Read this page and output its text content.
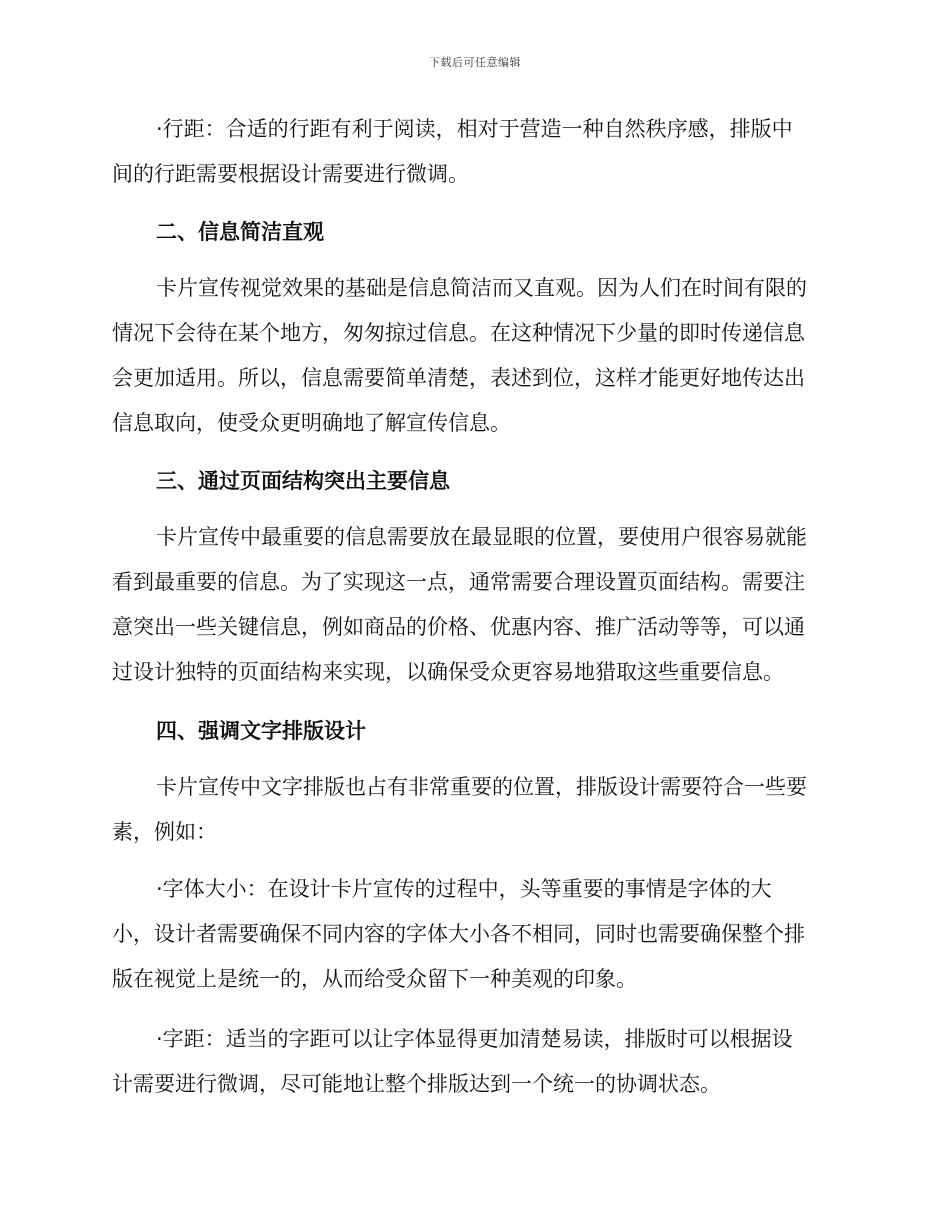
下载后可任意编辑

·行距：合适的行距有利于阅读，相对于营造一种自然秩序感，排版中
间的行距需要根据设计需要进行微调。

二、信息简洁直观

卡片宣传视觉效果的基础是信息简洁而又直观。因为人们在时间有限的
情况下会待在某个地方，匆匆掠过信息。在这种情况下少量的即时传递信息
会更加适用。所以，信息需要简单清楚，表述到位，这样才能更好地传达出
信息取向，使受众更明确地了解宣传信息。

三、通过页面结构突出主要信息

卡片宣传中最重要的信息需要放在最显眼的位置，要使用户很容易就能
看到最重要的信息。为了实现这一点，通常需要合理设置页面结构。需要注
意突出一些关键信息，例如商品的价格、优惠内容、推广活动等等，可以通
过设计独特的页面结构来实现，以确保受众更容易地猎取这些重要信息。

四、强调文字排版设计

卡片宣传中文字排版也占有非常重要的位置，排版设计需要符合一些要
素，例如：

·字体大小：在设计卡片宣传的过程中，头等重要的事情是字体的大
小，设计者需要确保不同内容的字体大小各不相同，同时也需要确保整个排
版在视觉上是统一的，从而给受众留下一种美观的印象。

·字距：适当的字距可以让字体显得更加清楚易读，排版时可以根据设
计需要进行微调，尽可能地让整个排版达到一个统一的协调状态。
